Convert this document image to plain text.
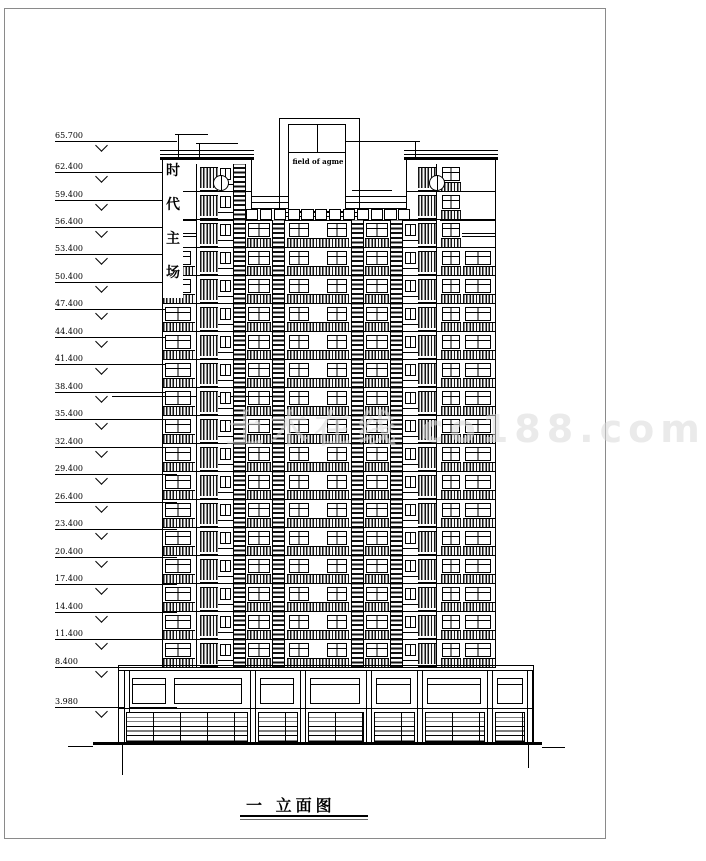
65.700
62.400
59.400
56.400
53.400
50.400
47.400
44.400
41.400
38.400
35.400
32.400
29.400
26.400
23.400
20.400
17.400
14.400
11.400
8.400
3.980
时
代
主
场
field of agme
土木在线 co188.com
一 立面图
